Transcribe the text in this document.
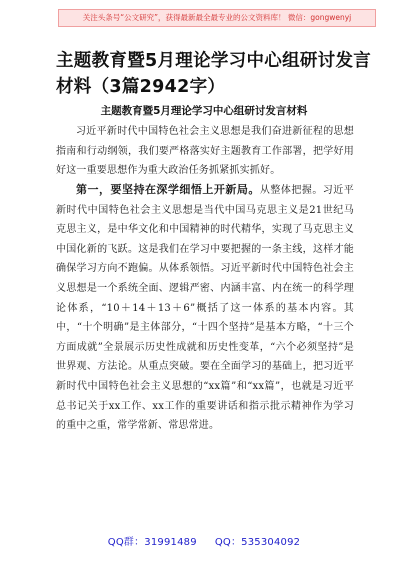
关注头条号“公文研究”，获得最新最全最专业的公文资料库！ 微信：gongwenyj
主题教育暨5月理论学习中心组研讨发言材料（3篇2942字）
主题教育暨5月理论学习中心组研讨发言材料

习近平新时代中国特色社会主义思想是我们奋进新征程的思想指南和行动纲领，我们要严格落实好主题教育工作部署，把学好用好这一重要思想作为重大政治任务抓紧抓实抓好。

第一，要坚持在深学细悟上开新局。从整体把握。习近平新时代中国特色社会主义思想是当代中国马克思主义是21世纪马克思主义，是中华文化和中国精神的时代精华，实现了马克思主义中国化新的飞跃。这是我们在学习中要把握的一条主线，这样才能确保学习方向不跑偏。从体系领悟。习近平新时代中国特色社会主义思想是一个系统全面、逻辑严密、内涵丰富、内在统一的科学理论体系，“10＋14＋13＋6”概括了这一体系的基本内容。其中，“十个明确”是主体部分，“十四个坚持”是基本方略，“十三个方面成就”全景展示历史性成就和历史性变革，“六个必须坚持”是世界观、方法论。从重点突破。要在全面学习的基础上，把习近平新时代中国特色社会主义思想的“xx篇”和“xx篇”，也就是习近平总书记关于xx工作、xx工作的重要讲话和指示批示精神作为学习的重中之重，常学常新、常思常进。

QQ群：31991489 QQ：535304092
